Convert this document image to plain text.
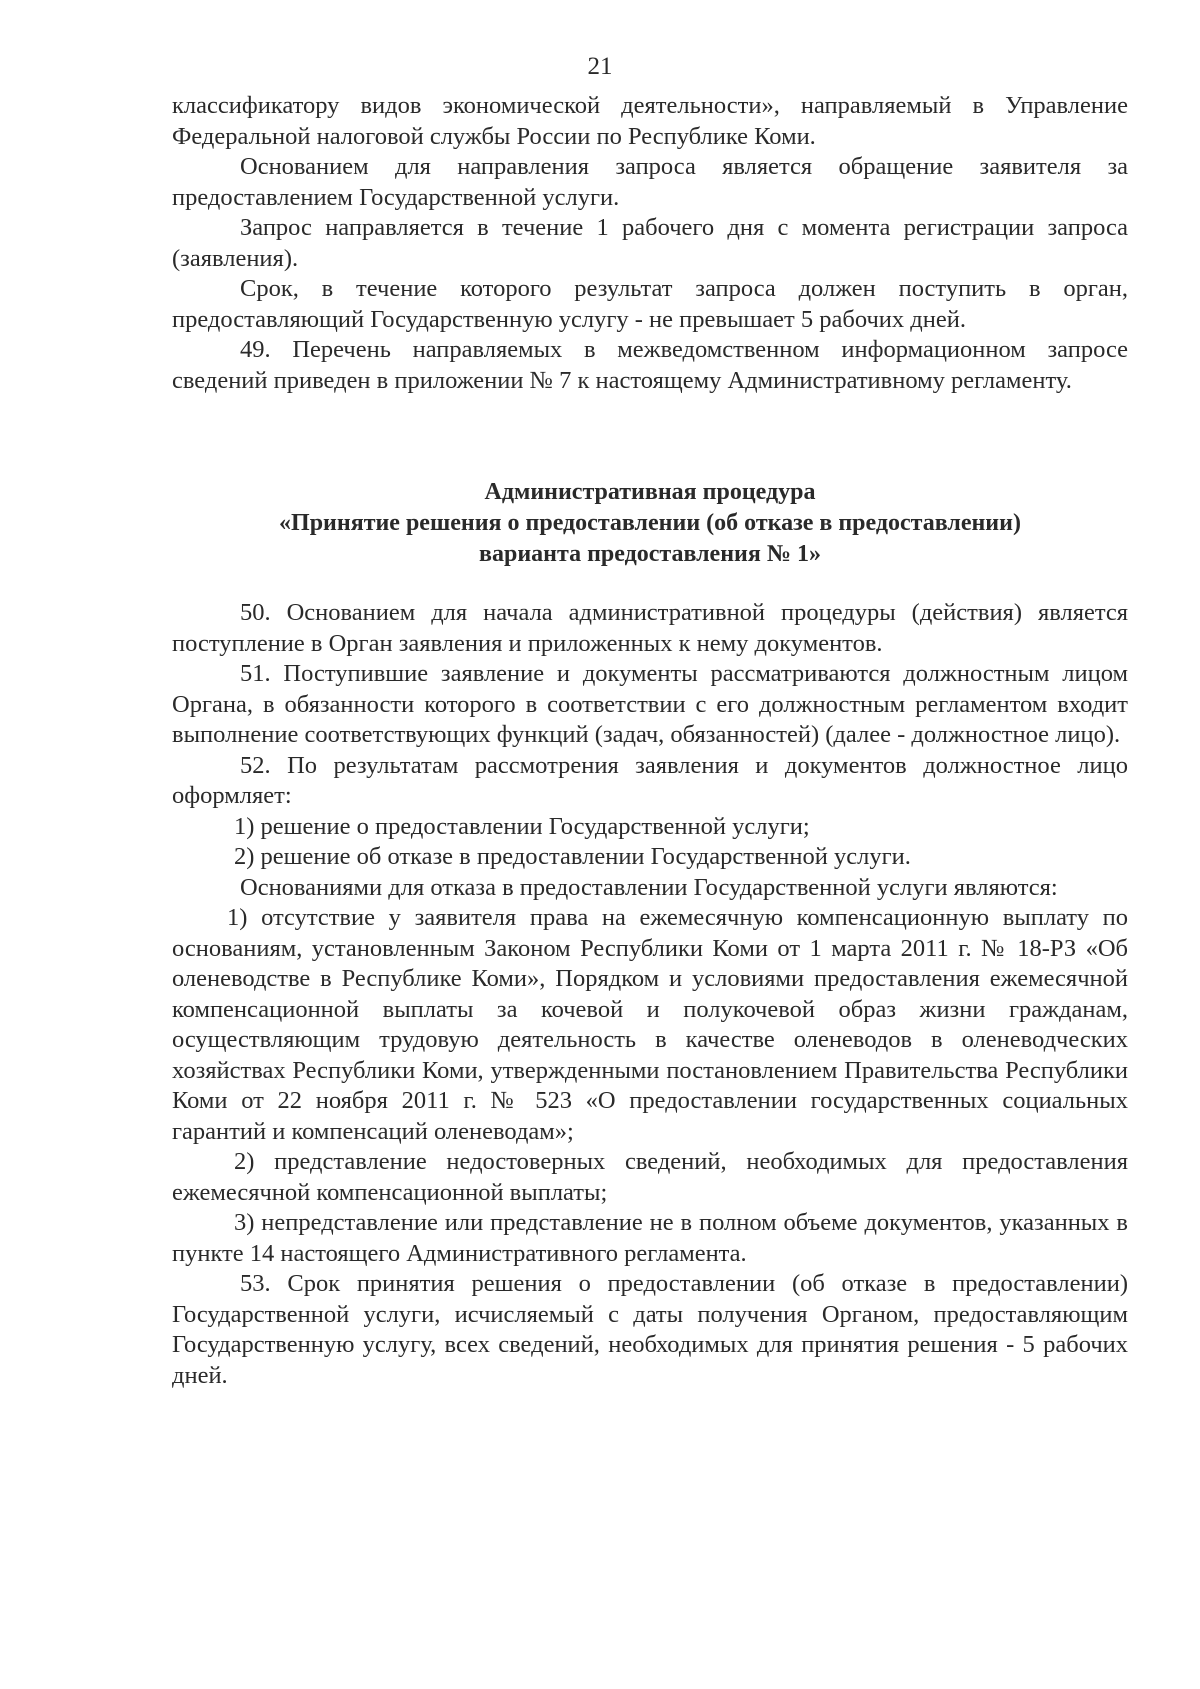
21

классификатору видов экономической деятельности», направляемый в Управление Федеральной налоговой службы России по Республике Коми.

Основанием для направления запроса является обращение заявителя за предоставлением Государственной услуги.

Запрос направляется в течение 1 рабочего дня с момента регистрации запроса (заявления).

Срок, в течение которого результат запроса должен поступить в орган, предоставляющий Государственную услугу - не превышает 5 рабочих дней.

49. Перечень направляемых в межведомственном информационном запросе сведений приведен в приложении № 7 к настоящему Административному регламенту.

Административная процедура
«Принятие решения о предоставлении (об отказе в предоставлении)
варианта предоставления № 1»

50. Основанием для начала административной процедуры (действия) является поступление в Орган заявления и приложенных к нему документов.

51. Поступившие заявление и документы рассматриваются должностным лицом Органа, в обязанности которого в соответствии с его должностным регламентом входит выполнение соответствующих функций (задач, обязанностей) (далее - должностное лицо).

52. По результатам рассмотрения заявления и документов должностное лицо оформляет:

1) решение о предоставлении Государственной услуги;

2) решение об отказе в предоставлении Государственной услуги.

Основаниями для отказа в предоставлении Государственной услуги являются:

1) отсутствие у заявителя права на ежемесячную компенсационную выплату по основаниям, установленным Законом Республики Коми от 1 марта 2011 г. № 18-РЗ «Об оленеводстве в Республике Коми», Порядком и условиями предоставления ежемесячной компенсационной выплаты за кочевой и полукочевой образ жизни гражданам, осуществляющим трудовую деятельность в качестве оленеводов в оленеводческих хозяйствах Республики Коми, утвержденными постановлением Правительства Республики Коми от 22 ноября 2011 г. № 523 «О предоставлении государственных социальных гарантий и компенсаций оленеводам»;

2) представление недостоверных сведений, необходимых для предоставления ежемесячной компенсационной выплаты;

3) непредставление или представление не в полном объеме документов, указанных в пункте 14 настоящего Административного регламента.

53. Срок принятия решения о предоставлении (об отказе в предоставлении) Государственной услуги, исчисляемый с даты получения Органом, предоставляющим Государственную услугу, всех сведений, необходимых для принятия решения - 5 рабочих дней.
